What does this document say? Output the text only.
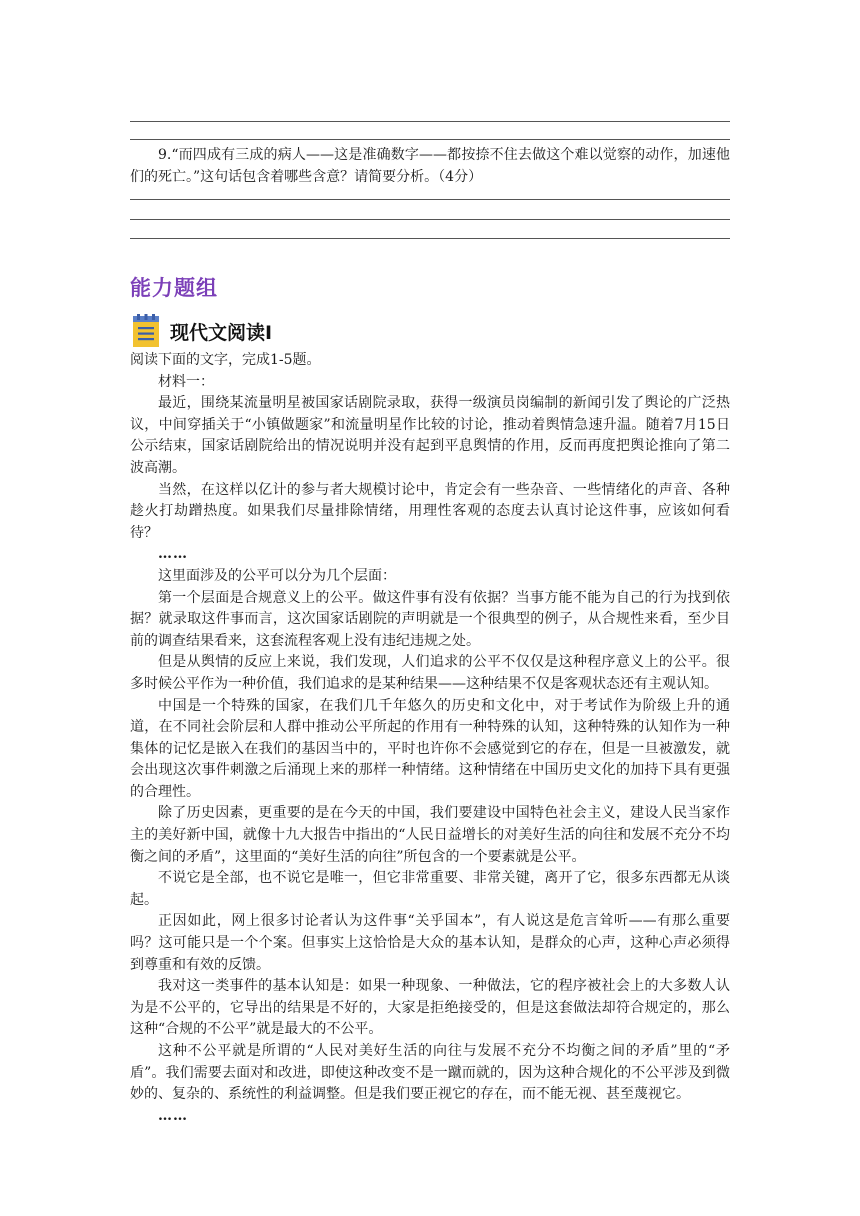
9.“而四成有三成的病人——这是准确数字——都按捺不住去做这个难以觉察的动作，加速他们的死亡。”这句话包含着哪些含意？请简要分析。（4分）
能力题组
现代文阅读Ⅰ

阅读下面的文字，完成1-5题。

材料一：

最近，围绕某流量明星被国家话剧院录取，获得一级演员岗编制的新闻引发了舆论的广泛热议，中间穿插关于“小镇做题家”和流量明星作比较的讨论，推动着舆情急速升温。随着7月15日公示结束，国家话剧院给出的情况说明并没有起到平息舆情的作用，反而再度把舆论推向了第二波高潮。

当然，在这样以亿计的参与者大规模讨论中，肯定会有一些杂音、一些情绪化的声音、各种趁火打劫蹭热度。如果我们尽量排除情绪，用理性客观的态度去认真讨论这件事，应该如何看待？

……

这里面涉及的公平可以分为几个层面：

第一个层面是合规意义上的公平。做这件事有没有依据？当事方能不能为自己的行为找到依据？就录取这件事而言，这次国家话剧院的声明就是一个很典型的例子，从合规性来看，至少目前的调查结果看来，这套流程客观上没有违纪违规之处。

但是从舆情的反应上来说，我们发现，人们追求的公平不仅仅是这种程序意义上的公平。很多时候公平作为一种价值，我们追求的是某种结果——这种结果不仅是客观状态还有主观认知。

中国是一个特殊的国家，在我们几千年悠久的历史和文化中，对于考试作为阶级上升的通道，在不同社会阶层和人群中推动公平所起的作用有一种特殊的认知，这种特殊的认知作为一种集体的记忆是嵌入在我们的基因当中的，平时也许你不会感觉到它的存在，但是一旦被激发，就会出现这次事件刺激之后涌现上来的那样一种情绪。这种情绪在中国历史文化的加持下具有更强的合理性。

除了历史因素，更重要的是在今天的中国，我们要建设中国特色社会主义，建设人民当家作主的美好新中国，就像十九大报告中指出的“人民日益增长的对美好生活的向往和发展不充分不均衡之间的矛盾”，这里面的“美好生活的向往”所包含的一个要素就是公平。

不说它是全部，也不说它是唯一，但它非常重要、非常关键，离开了它，很多东西都无从谈起。

正因如此，网上很多讨论者认为这件事“关乎国本”，有人说这是危言耸听——有那么重要吗？这可能只是一个个案。但事实上这恰恰是大众的基本认知，是群众的心声，这种心声必须得到尊重和有效的反馈。

我对这一类事件的基本认知是：如果一种现象、一种做法，它的程序被社会上的大多数人认为是不公平的，它导出的结果是不好的，大家是拒绝接受的，但是这套做法却符合规定的，那么这种“合规的不公平”就是最大的不公平。

这种不公平就是所谓的“人民对美好生活的向往与发展不充分不均衡之间的矛盾”里的“矛盾”。我们需要去面对和改进，即使这种改变不是一蹴而就的，因为这种合规化的不公平涉及到微妙的、复杂的、系统性的利益调整。但是我们要正视它的存在，而不能无视、甚至蔑视它。

……
